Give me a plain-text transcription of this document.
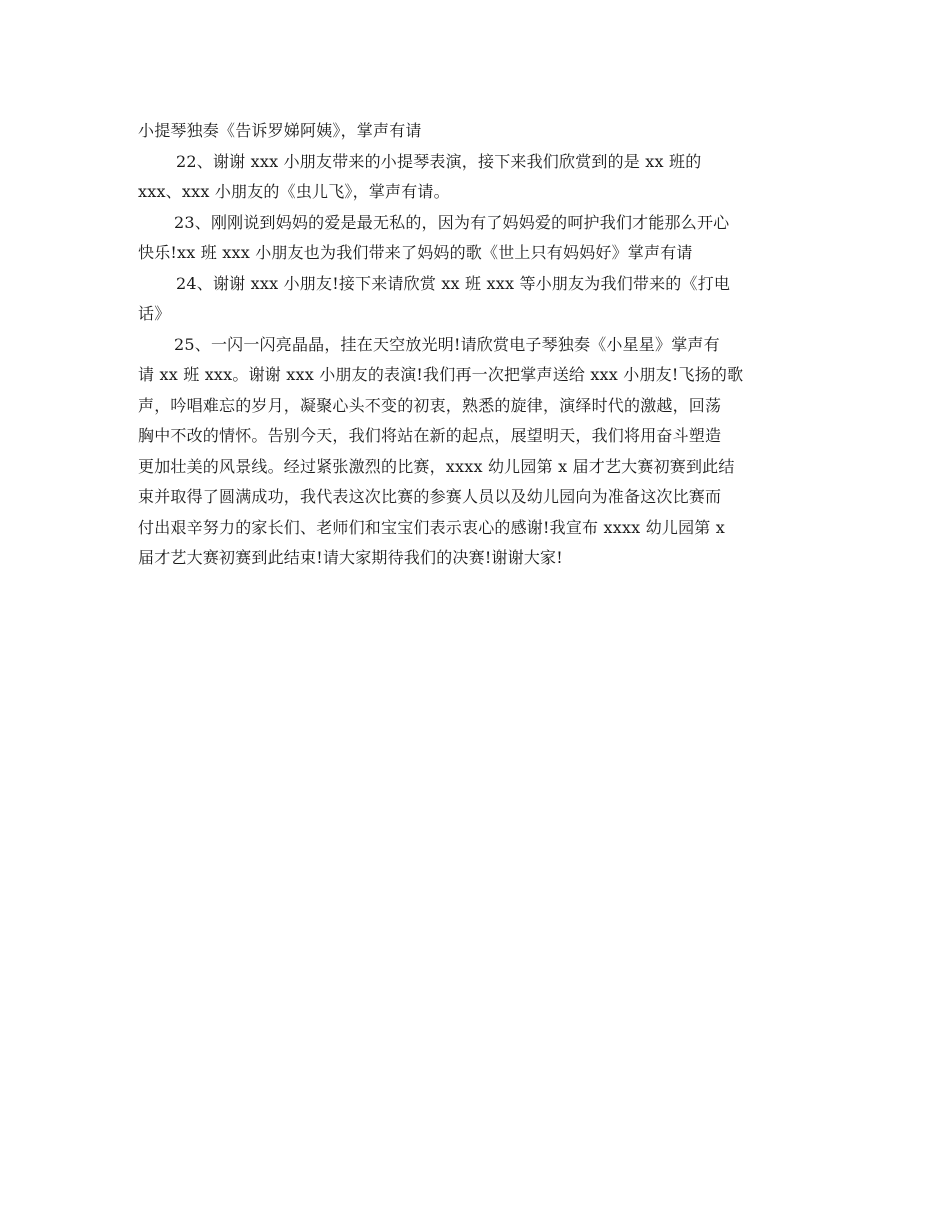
小提琴独奏《告诉罗娣阿姨》，掌声有请
22、谢谢 xxx 小朋友带来的小提琴表演，接下来我们欣赏到的是 xx 班的
xxx、xxx 小朋友的《虫儿飞》，掌声有请。
23、刚刚说到妈妈的爱是最无私的，因为有了妈妈爱的呵护我们才能那么开心
快乐!xx 班 xxx 小朋友也为我们带来了妈妈的歌《世上只有妈妈好》掌声有请
24、谢谢 xxx 小朋友!接下来请欣赏 xx 班 xxx 等小朋友为我们带来的《打电
话》
25、一闪一闪亮晶晶，挂在天空放光明!请欣赏电子琴独奏《小星星》掌声有
请 xx 班 xxx。谢谢 xxx 小朋友的表演!我们再一次把掌声送给 xxx 小朋友!飞扬的歌
声，吟唱难忘的岁月，凝聚心头不变的初衷，熟悉的旋律，演绎时代的激越，回荡
胸中不改的情怀。告别今天，我们将站在新的起点，展望明天，我们将用奋斗塑造
更加壮美的风景线。经过紧张激烈的比赛，xxxx 幼儿园第 x 届才艺大赛初赛到此结
束并取得了圆满成功，我代表这次比赛的参赛人员以及幼儿园向为准备这次比赛而
付出艰辛努力的家长们、老师们和宝宝们表示衷心的感谢!我宣布 xxxx 幼儿园第 x
届才艺大赛初赛到此结束!请大家期待我们的决赛!谢谢大家!
